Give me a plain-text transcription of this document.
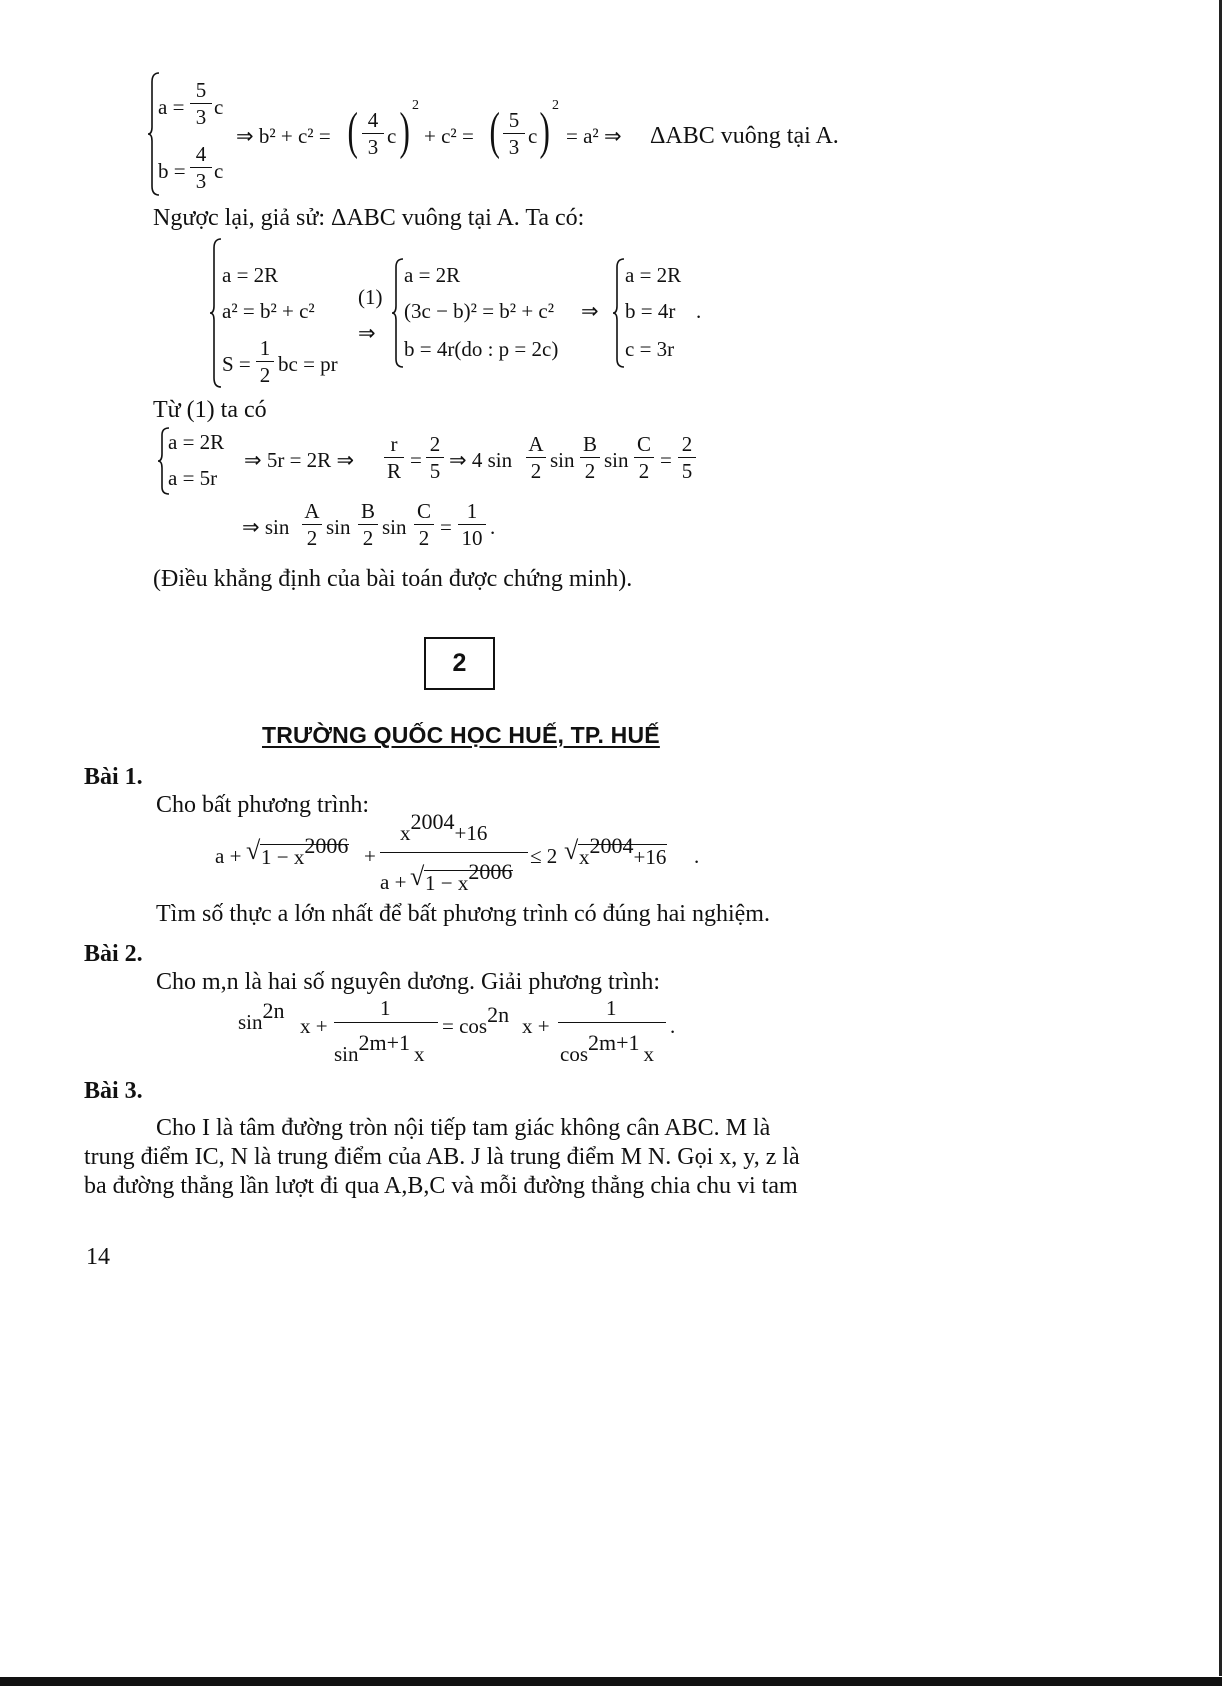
a =
5
3 c
b =
4
3 c
⇒ b² + c² = ( 4
3 c ) 2
+ c² = ( 5
3 c ) 2
= a² ⇒ ΔABC vuông tại A.
Ngược lại, giả sử: ΔABC vuông tại A. Ta có:
a = 2R
a² = b² + c²
S =
1
2 bc = pr
(1)
⇒
a = 2R
(3c − b)² = b² + c²
b = 4r(do : p = 2c)
⇒
a = 2R
b = 4r
c = 3r
.
Từ (1) ta có
a = 2R
a = 5r
⇒ 5r = 2R ⇒
r
R =
2
5 ⇒ 4 sin
A
2 sin
B
2 sin
C
2 =
2
5
⇒ sin
A
2 sin
B
2 sin
C
2 =
1
10 .
(Điều khẳng định của bài toán được chứng minh).
2
TRƯỜNG QUỐC HỌC HUẾ, TP. HUẾ
Bài 1.
Cho bất phương trình:
a + √ 1 − x2006 +
x2004+16
a + √ 1 − x2006
≤ 2 √ x2004+16 .
Tìm số thực a lớn nhất để bất phương trình có đúng hai nghiệm.
Bài 2.
Cho m,n là hai số nguyên dương. Giải phương trình:
sin2n
x +
1
sin2m+1 x
= cos2n x +
1
cos2m+1 x
.
Bài 3.
Cho I là tâm đường tròn nội tiếp tam giác không cân ABC. M là
trung điểm IC, N là trung điểm của AB. J là trung điểm M N. Gọi x, y, z là
ba đường thẳng lần lượt đi qua A,B,C và mỗi đường thẳng chia chu vi tam
14
